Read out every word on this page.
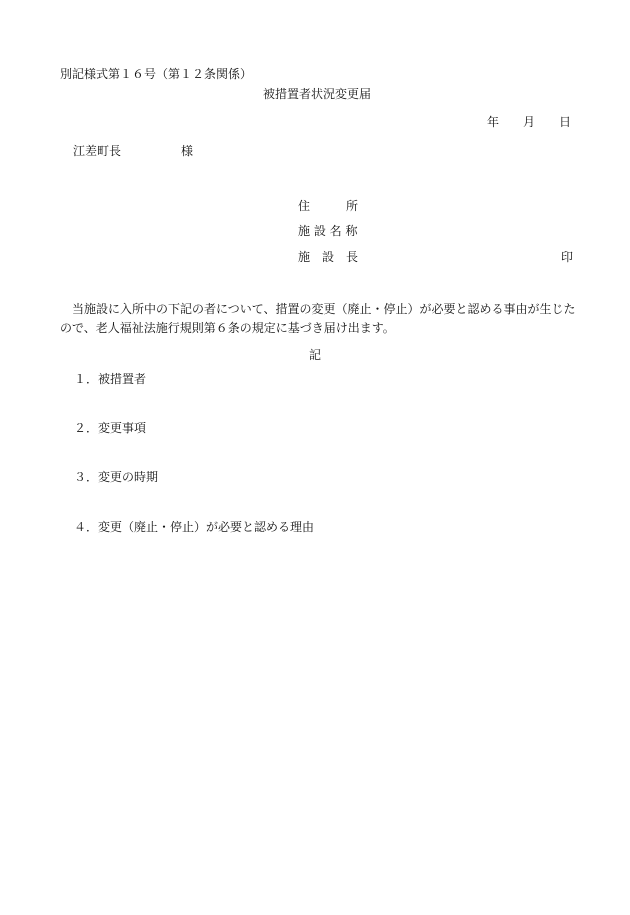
別記様式第１６号（第１２条関係）
被措置者状況変更届
年 月 日
江差町長	様
住　　　所
施 設 名 称
施　設　長	印
当施設に入所中の下記の者について、措置の変更（廃止・停止）が必要と認める事由が生じたので、老人福祉法施行規則第６条の規定に基づき届け出ます。
記
１．被措置者
２．変更事項
３．変更の時期
４．変更（廃止・停止）が必要と認める理由
